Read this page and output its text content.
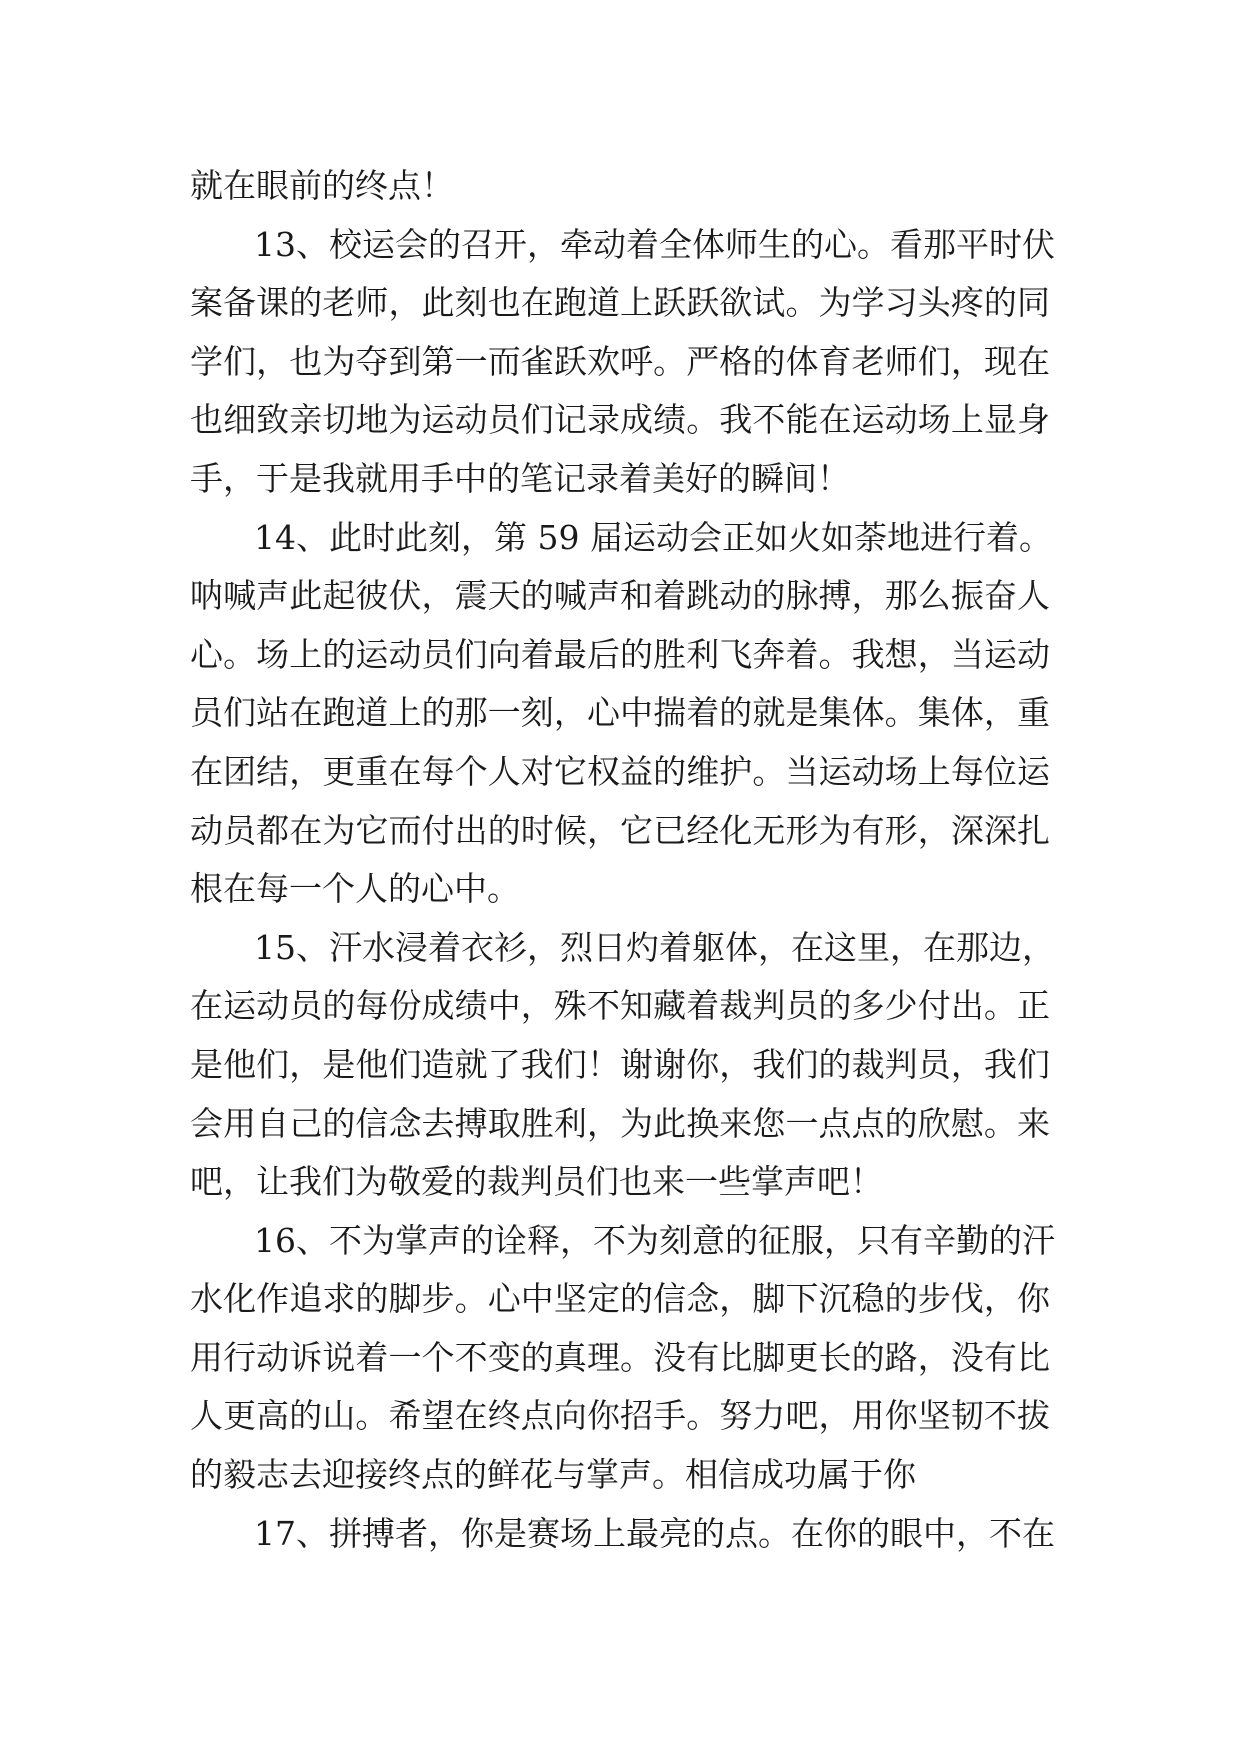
就在眼前的终点！
13、校运会的召开，牵动着全体师生的心。看那平时伏
案备课的老师，此刻也在跑道上跃跃欲试。为学习头疼的同
学们，也为夺到第一而雀跃欢呼。严格的体育老师们，现在
也细致亲切地为运动员们记录成绩。我不能在运动场上显身
手，于是我就用手中的笔记录着美好的瞬间！
14、此时此刻，第 59 届运动会正如火如荼地进行着。
呐喊声此起彼伏，震天的喊声和着跳动的脉搏，那么振奋人
心。场上的运动员们向着最后的胜利飞奔着。我想，当运动
员们站在跑道上的那一刻，心中揣着的就是集体。集体，重
在团结，更重在每个人对它权益的维护。当运动场上每位运
动员都在为它而付出的时候，它已经化无形为有形，深深扎
根在每一个人的心中。
15、汗水浸着衣衫，烈日灼着躯体，在这里，在那边，
在运动员的每份成绩中，殊不知藏着裁判员的多少付出。正
是他们，是他们造就了我们！谢谢你，我们的裁判员，我们
会用自己的信念去搏取胜利，为此换来您一点点的欣慰。来
吧，让我们为敬爱的裁判员们也来一些掌声吧！
16、不为掌声的诠释，不为刻意的征服，只有辛勤的汗
水化作追求的脚步。心中坚定的信念，脚下沉稳的步伐，你
用行动诉说着一个不变的真理。没有比脚更长的路，没有比
人更高的山。希望在终点向你招手。努力吧，用你坚韧不拔
的毅志去迎接终点的鲜花与掌声。相信成功属于你
17、拼搏者，你是赛场上最亮的点。在你的眼中，不在
